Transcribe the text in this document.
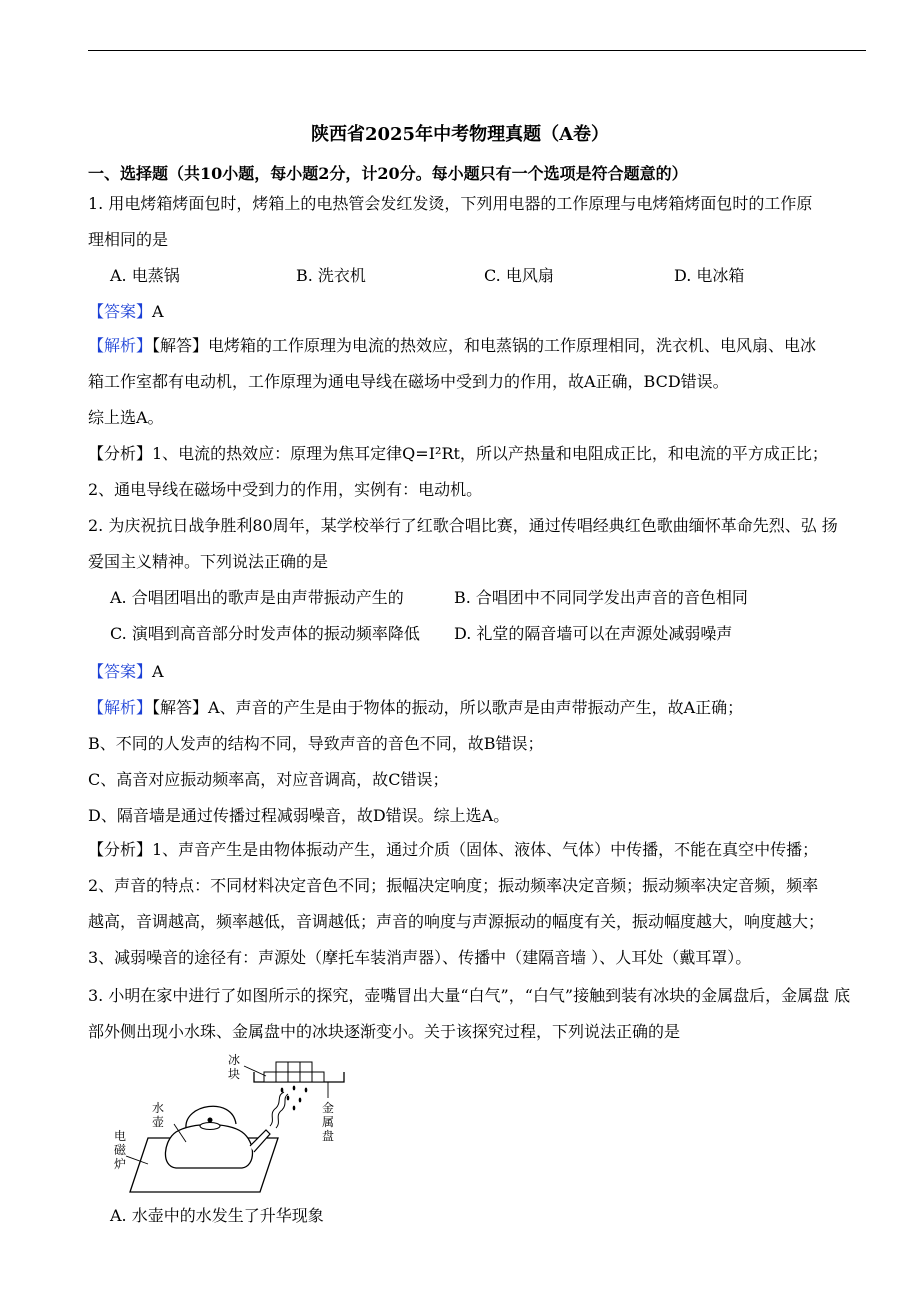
陕西省2025年中考物理真题（A卷）
一、选择题（共10小题，每小题2分，计20分。每小题只有一个选项是符合题意的）
1. 用电烤箱烤面包时，烤箱上的电热管会发红发烫，下列用电器的工作原理与电烤箱烤面包时的工作原
理相同的是
A. 电蒸锅	B. 洗衣机	C. 电风扇	D. 电冰箱
【答案】A
【解析】【解答】电烤箱的工作原理为电流的热效应，和电蒸锅的工作原理相同，洗衣机、电风扇、电冰
箱工作室都有电动机，工作原理为通电导线在磁场中受到力的作用，故A正确，BCD错误。
综上选A。
【分析】1、电流的热效应：原理为焦耳定律Q=I²Rt，所以产热量和电阻成正比，和电流的平方成正比；
2、通电导线在磁场中受到力的作用，实例有：电动机。
2. 为庆祝抗日战争胜利80周年，某学校举行了红歌合唱比赛，通过传唱经典红色歌曲缅怀革命先烈、弘 扬
爱国主义精神。下列说法正确的是
A. 合唱团唱出的歌声是由声带振动产生的	B. 合唱团中不同同学发出声音的音色相同
C. 演唱到高音部分时发声体的振动频率降低 D. 礼堂的隔音墙可以在声源处减弱噪声
【答案】A
【解析】【解答】A、声音的产生是由于物体的振动，所以歌声是由声带振动产生，故A正确；
B、不同的人发声的结构不同，导致声音的音色不同，故B错误；
C、高音对应振动频率高，对应音调高，故C错误；
D、隔音墙是通过传播过程减弱噪音，故D错误。综上选A。
【分析】1、声音产生是由物体振动产生，通过介质（固体、液体、气体）中传播，不能在真空中传播；
2、声音的特点：不同材料决定音色不同；振幅决定响度；振动频率决定音频；振动频率决定音频，频率
越高，音调越高，频率越低，音调越低；声音的响度与声源振动的幅度有关，振动幅度越大，响度越大；
3、减弱噪音的途径有：声源处（摩托车装消声器）、传播中（建隔音墙 ）、人耳处（戴耳罩）。
3. 小明在家中进行了如图所示的探究，壶嘴冒出大量“白气”，“白气”接触到装有冰块的金属盘后，金属盘 底
部外侧出现小水珠、金属盘中的冰块逐渐变小。关于该探究过程，下列说法正确的是
冰
块
水
壶
金
属
盘
电
磁
炉
A. 水壶中的水发生了升华现象
